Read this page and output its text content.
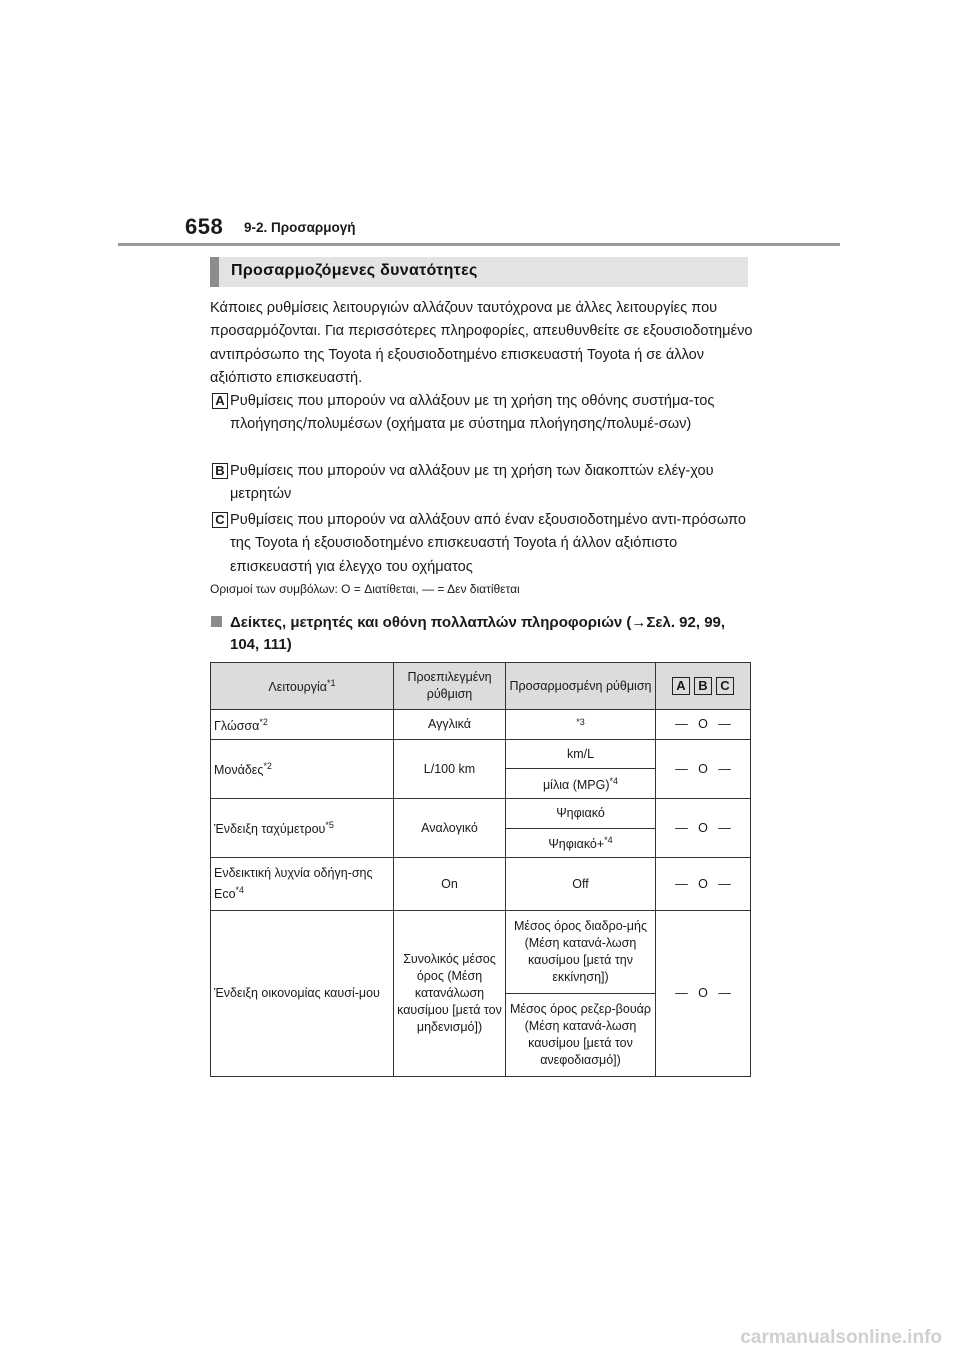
658 9-2. Προσαρμογή
Προσαρμοζόμενες δυνατότητες
Κάποιες ρυθμίσεις λειτουργιών αλλάζουν ταυτόχρονα με άλλες λειτουργίες που προσαρμόζονται. Για περισσότερες πληροφορίες, απευθυνθείτε σε εξουσιοδοτημένο αντιπρόσωπο της Toyota ή εξουσιοδοτημένο επισκευαστή Toyota ή σε άλλον αξιόπιστο επισκευαστή.
A Ρυθμίσεις που μπορούν να αλλάξουν με τη χρήση της οθόνης συστήμα-τος πλοήγησης/πολυμέσων (οχήματα με σύστημα πλοήγησης/πολυμέ-σων)
B Ρυθμίσεις που μπορούν να αλλάξουν με τη χρήση των διακοπτών ελέγ-χου μετρητών
C Ρυθμίσεις που μπορούν να αλλάξουν από έναν εξουσιοδοτημένο αντι-πρόσωπο της Toyota ή εξουσιοδοτημένο επισκευαστή Toyota ή άλλον αξιόπιστο επισκευαστή για έλεγχο του οχήματος
Ορισμοί των συμβόλων: O = Διατίθεται, — = Δεν διατίθεται
Δείκτες, μετρητές και οθόνη πολλαπλών πληροφοριών (→Σελ. 92, 99, 104, 111)
Λειτουργία$^{*1}$	Προεπιλεγμένη ρύθμιση	Προσαρμοσμένη ρύθμιση	A B C
Γλώσσα$^{*2}$	Αγγλικά	$^{*3}$	— O —
Μονάδες$^{*2}$	L/100 km	km/L	— O —
		μίλια (MPG)$^{*4}$
Ένδειξη ταχύμετρου$^{*5}$	Αναλογικό	Ψηφιακό	— O —
		Ψηφιακό+$^{*4}$
Ενδεικτική λυχνία οδήγη-σης Eco$^{*4}$	On	Off	— O —
Ένδειξη οικονομίας καυσί-μου	Συνολικός μέσος όρος (Μέση κατανάλωση καυσίμου [μετά τον μηδενισμό])	Μέσος όρος διαδρο-μής (Μέση κατανά-λωση καυσίμου [μετά την εκκίνηση])	— O —
		Μέσος όρος ρεζερ-βουάρ (Μέση κατανά-λωση καυσίμου [μετά τον ανεφοδιασμό])	
carmanualsonline.info
